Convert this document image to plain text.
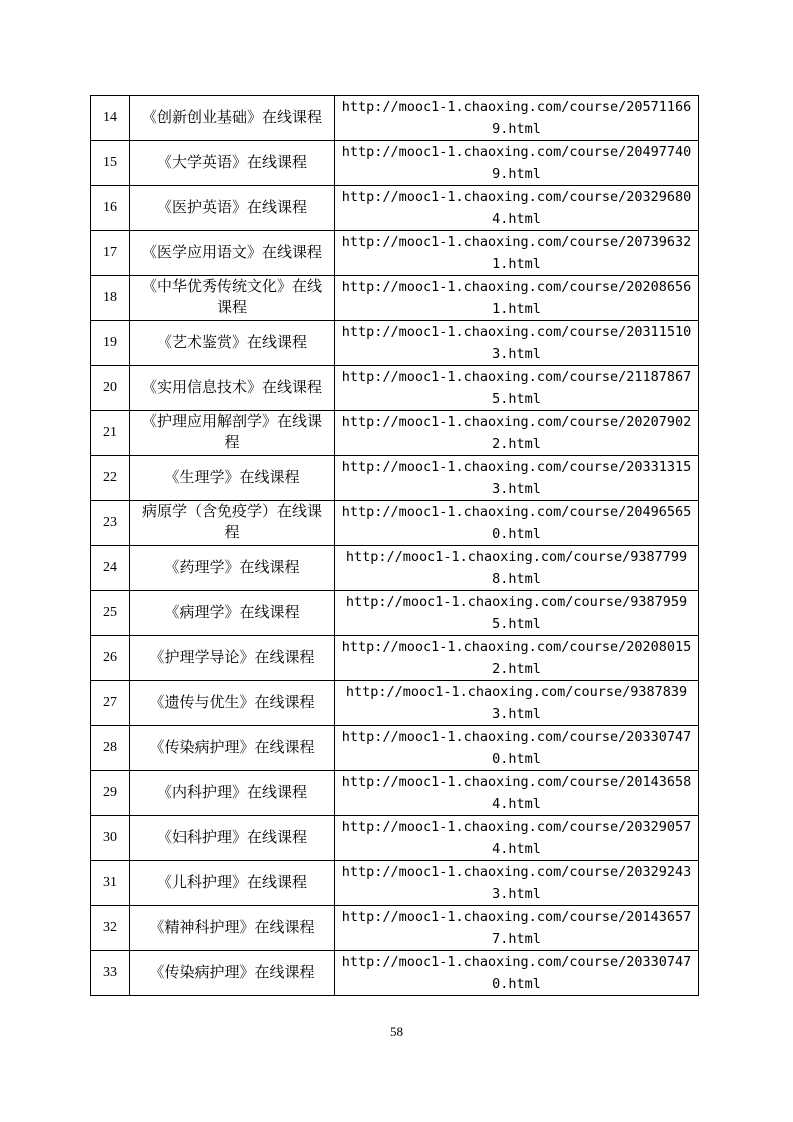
14	《创新创业基础》在线课程	http://mooc1-1.chaoxing.com/course/205711669.html
15	《大学英语》在线课程	http://mooc1-1.chaoxing.com/course/204977409.html
16	《医护英语》在线课程	http://mooc1-1.chaoxing.com/course/203296804.html
17	《医学应用语文》在线课程	http://mooc1-1.chaoxing.com/course/207396321.html
18	《中华优秀传统文化》在线课程	http://mooc1-1.chaoxing.com/course/202086561.html
19	《艺术鉴赏》在线课程	http://mooc1-1.chaoxing.com/course/203115103.html
20	《实用信息技术》在线课程	http://mooc1-1.chaoxing.com/course/211878675.html
21	《护理应用解剖学》在线课程	http://mooc1-1.chaoxing.com/course/202079022.html
22	《生理学》在线课程	http://mooc1-1.chaoxing.com/course/203313153.html
23	病原学（含免疫学）在线课程	http://mooc1-1.chaoxing.com/course/204965650.html
24	《药理学》在线课程	http://mooc1-1.chaoxing.com/course/93877998.html
25	《病理学》在线课程	http://mooc1-1.chaoxing.com/course/93879595.html
26	《护理学导论》在线课程	http://mooc1-1.chaoxing.com/course/202080152.html
27	《遗传与优生》在线课程	http://mooc1-1.chaoxing.com/course/93878393.html
28	《传染病护理》在线课程	http://mooc1-1.chaoxing.com/course/203307470.html
29	《内科护理》在线课程	http://mooc1-1.chaoxing.com/course/201436584.html
30	《妇科护理》在线课程	http://mooc1-1.chaoxing.com/course/203290574.html
31	《儿科护理》在线课程	http://mooc1-1.chaoxing.com/course/203292433.html
32	《精神科护理》在线课程	http://mooc1-1.chaoxing.com/course/201436577.html
33	《传染病护理》在线课程	http://mooc1-1.chaoxing.com/course/203307470.html
58
